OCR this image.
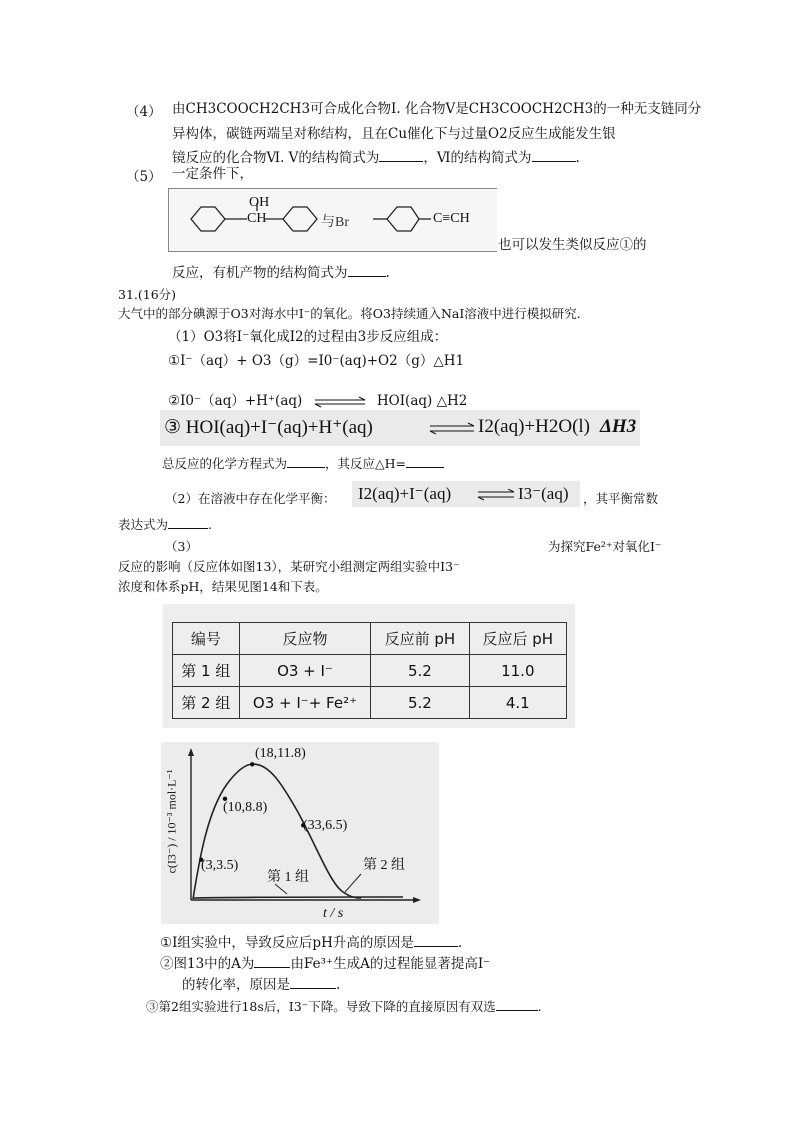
（4） 由CH3COOCH2CH3可合成化合物Ⅰ. 化合物Ⅴ是CH3COOCH2CH3的一种无支链同分
异构体，碳链两端呈对称结构，且在Cu催化下与过量O2反应生成能发生银
镜反应的化合物Ⅵ. Ⅴ的结构简式为	，Ⅵ的结构简式为	.
（5） 一定条件下，
OH
CH	与Br	C≡CH
也可以发生类似反应①的
反应，有机产物的结构简式为	.
31.(16分)
大气中的部分碘源于O3对海水中Ⅰ⁻的氧化。将O3持续通入NaⅠ溶液中进行模拟研究.
（1）O3将Ⅰ⁻氧化成Ⅰ2的过程由3步反应组成：
①Ⅰ⁻（aq）+ O3（g）=Ⅰ0⁻(aq)+O2（g）△H1
②Ⅰ0⁻（aq）+H⁺(aq)	HOⅠ(aq) △H2
③ HOI(aq)+I⁻(aq)+H⁺(aq)	⇌ I2(aq)+H2O(l) ΔH3
总反应的化学方程式为	，其反应△H=
（2）在溶液中存在化学平衡： I2(aq)+I⁻(aq) ⇌ I3⁻(aq) ，其平衡常数
表达式为	.
（3）	为探究Fe²⁺对氧化Ⅰ⁻
反应的影响（反应体如图13），某研究小组测定两组实验中Ⅰ3⁻
浓度和体系pH，结果见图14和下表。
编号	反应物	反应前 pH	反应后 pH
第 1 组	O3 + I⁻	5.2	11.0
第 2 组	O3 + I⁻+ Fe²⁺	5.2	4.1
(18,11.8)
(10,8.8)
(33,6.5)
(3,3.5)	第 2 组
第 1 组
t / s
c(I3⁻) / 10⁻³ mol·L⁻¹
①Ⅰ组实验中，导致反应后pH升高的原因是	.
②图13中的A为	由Fe³⁺生成A的过程能显著提高Ⅰ⁻
的转化率，原因是	.
③第2组实验进行18s后，Ⅰ3⁻下降。导致下降的直接原因有双选	.
